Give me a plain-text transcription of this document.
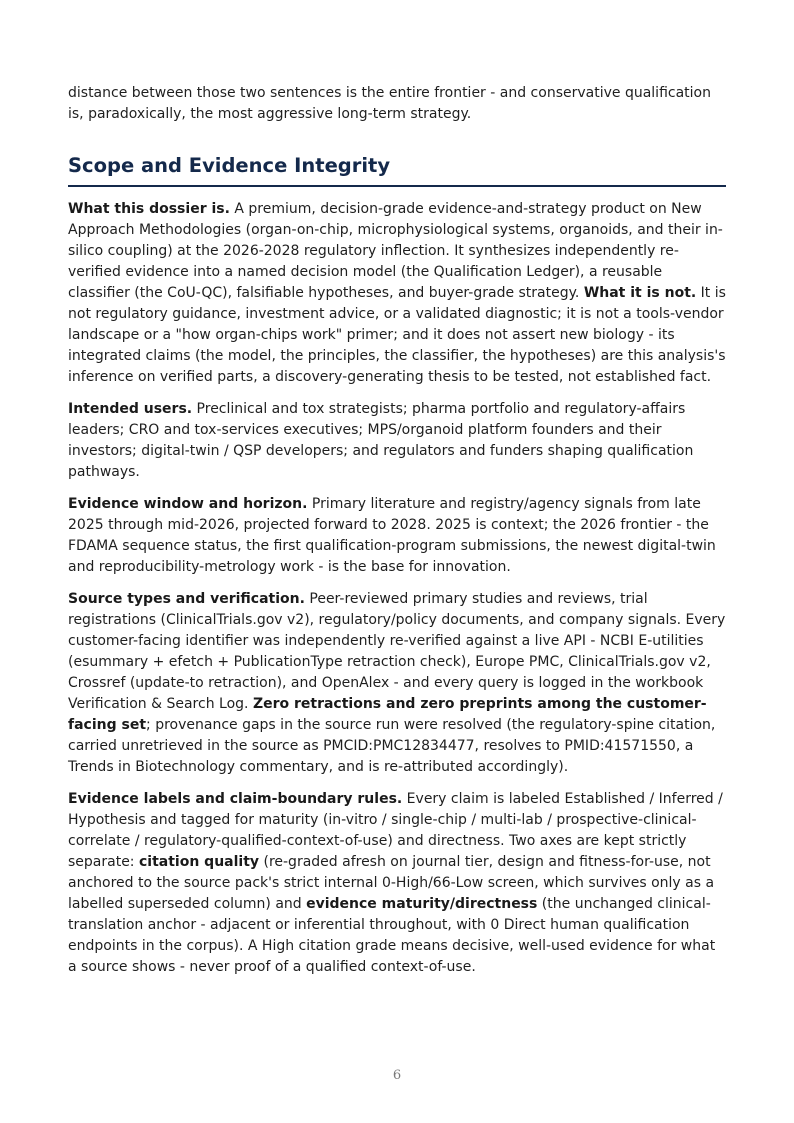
distance between those two sentences is the entire frontier - and conservative qualification is, paradoxically, the most aggressive long-term strategy.

Scope and Evidence Integrity

What this dossier is. A premium, decision-grade evidence-and-strategy product on New Approach Methodologies (organ-on-chip, microphysiological systems, organoids, and their in-silico coupling) at the 2026-2028 regulatory inflection. It synthesizes independently re-verified evidence into a named decision model (the Qualification Ledger), a reusable classifier (the CoU-QC), falsifiable hypotheses, and buyer-grade strategy. What it is not. It is not regulatory guidance, investment advice, or a validated diagnostic; it is not a tools-vendor landscape or a "how organ-chips work" primer; and it does not assert new biology - its integrated claims (the model, the principles, the classifier, the hypotheses) are this analysis's inference on verified parts, a discovery-generating thesis to be tested, not established fact.

Intended users. Preclinical and tox strategists; pharma portfolio and regulatory-affairs leaders; CRO and tox-services executives; MPS/organoid platform founders and their investors; digital-twin / QSP developers; and regulators and funders shaping qualification pathways.

Evidence window and horizon. Primary literature and registry/agency signals from late 2025 through mid-2026, projected forward to 2028. 2025 is context; the 2026 frontier - the FDAMA sequence status, the first qualification-program submissions, the newest digital-twin and reproducibility-metrology work - is the base for innovation.

Source types and verification. Peer-reviewed primary studies and reviews, trial registrations (ClinicalTrials.gov v2), regulatory/policy documents, and company signals. Every customer-facing identifier was independently re-verified against a live API - NCBI E-utilities (esummary + efetch + PublicationType retraction check), Europe PMC, ClinicalTrials.gov v2, Crossref (update-to retraction), and OpenAlex - and every query is logged in the workbook Verification & Search Log. Zero retractions and zero preprints among the customer-facing set; provenance gaps in the source run were resolved (the regulatory-spine citation, carried unretrieved in the source as PMCID:PMC12834477, resolves to PMID:41571550, a Trends in Biotechnology commentary, and is re-attributed accordingly).

Evidence labels and claim-boundary rules. Every claim is labeled Established / Inferred / Hypothesis and tagged for maturity (in-vitro / single-chip / multi-lab / prospective-clinical-correlate / regulatory-qualified-context-of-use) and directness. Two axes are kept strictly separate: citation quality (re-graded afresh on journal tier, design and fitness-for-use, not anchored to the source pack's strict internal 0-High/66-Low screen, which survives only as a labelled superseded column) and evidence maturity/directness (the unchanged clinical-translation anchor - adjacent or inferential throughout, with 0 Direct human qualification endpoints in the corpus). A High citation grade means decisive, well-used evidence for what a source shows - never proof of a qualified context-of-use.

6
